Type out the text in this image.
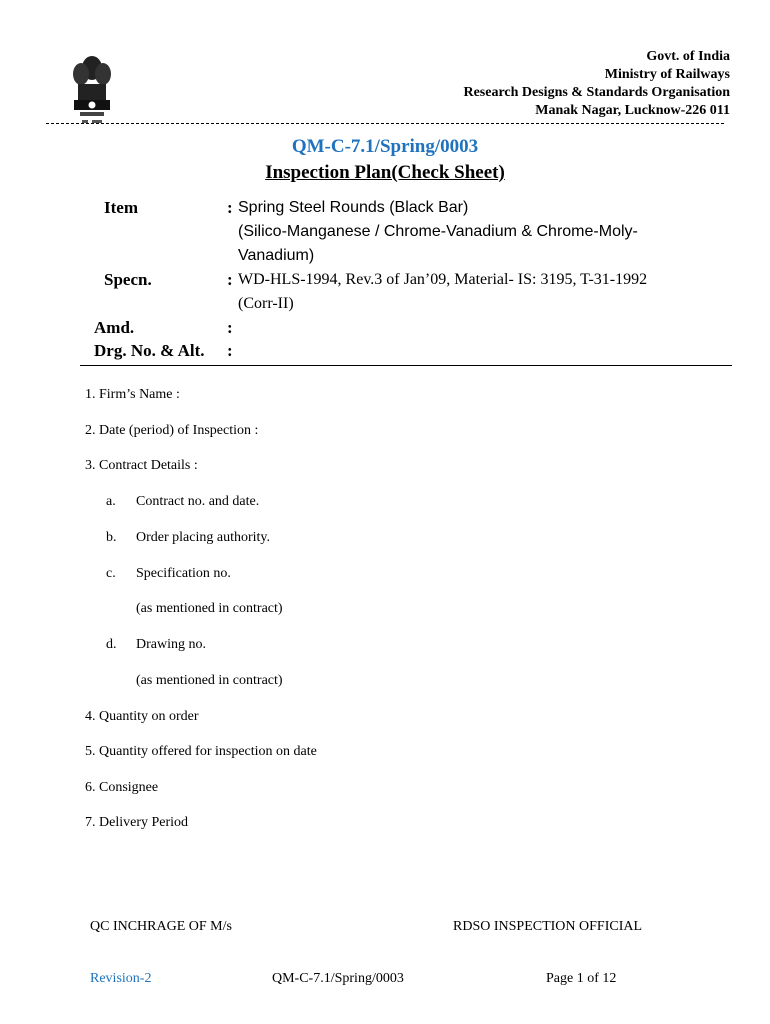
Govt. of India
Ministry of Railways
Research Designs & Standards Organisation
Manak Nagar, Lucknow-226 011
QM-C-7.1/Spring/0003
Inspection Plan(Check Sheet)
Item	: Spring Steel Rounds (Black Bar)
(Silico-Manganese / Chrome-Vanadium & Chrome-Moly-
Vanadium)
Specn.	: WD-HLS-1994, Rev.3 of Jan’09, Material- IS: 3195, T-31-1992
(Corr-II)
Amd.	:
Drg. No. & Alt. :
1. Firm’s Name :
2. Date (period) of Inspection :
3. Contract Details :
a. Contract no. and date.
b. Order placing authority.
c. Specification no.
(as mentioned in contract)
d. Drawing no.
(as mentioned in contract)
4. Quantity on order
5. Quantity offered for inspection on date
6. Consignee
7. Delivery Period
QC INCHRAGE OF M/s	RDSO INSPECTION OFFICIAL
Revision-2	QM-C-7.1/Spring/0003	Page 1 of 12
